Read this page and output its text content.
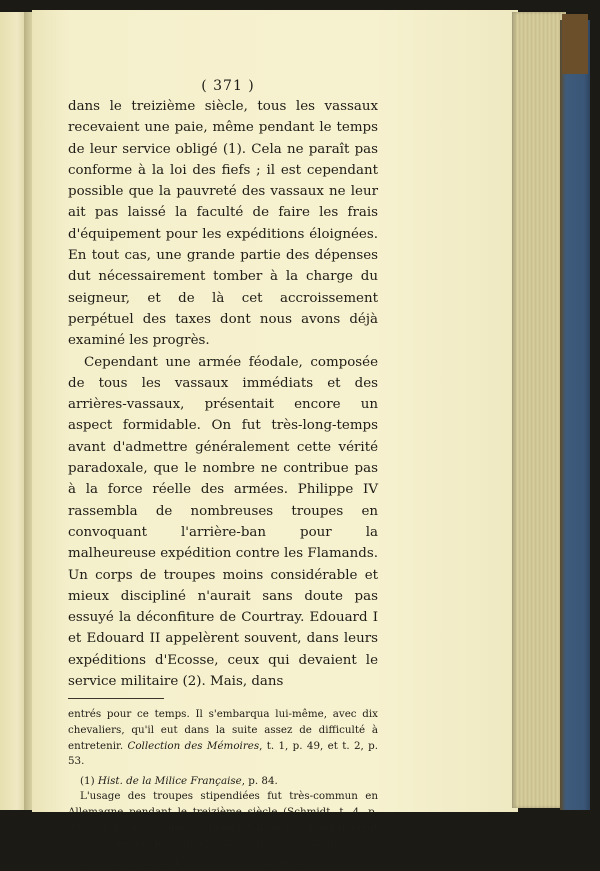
( 371 )

dans le treizième siècle, tous les vassaux recevaient une paie, même pendant le temps de leur service obligé (1). Cela ne paraît pas conforme à la loi des fiefs ; il est cependant possible que la pauvreté des vassaux ne leur ait pas laissé la faculté de faire les frais d'équipement pour les expéditions éloignées. En tout cas, une grande partie des dépenses dut nécessairement tomber à la charge du seigneur, et de là cet accroissement perpétuel des taxes dont nous avons déjà examiné les progrès.

Cependant une armée féodale, composée de tous les vassaux immédiats et des arrières-vassaux, présentait encore un aspect formidable. On fut très-long-temps avant d'admettre généralement cette vérité paradoxale, que le nombre ne contribue pas à la force réelle des armées. Philippe IV rassembla de nombreuses troupes en convoquant l'arrière-ban pour la malheureuse expédition contre les Flamands. Un corps de troupes moins considérable et mieux discipliné n'aurait sans doute pas essuyé la déconfiture de Courtray. Edouard I et Edouard II appelèrent souvent, dans leurs expéditions d'Ecosse, ceux qui devaient le service militaire (2). Mais, dans

entrés pour ce temps. Il s'embarqua lui-même, avec dix chevaliers, qu'il eut dans la suite assez de difficulté à entretenir. Collection des Mémoires, t. 1, p. 49, et t. 2, p. 53.

(1) Hist. de la Milice Française, p. 84.

L'usage des troupes stipendiées fut très-commun en Allemagne pendant le treizième siècle (Schmidt, t. 4, p. 89), ainsi qu'en Italie : cependant il ne fut généralement adopté que vers le commencement du siècle suivant.

(2) Rymer, t. 2, p. 173, 189, 199, et alibi sæpius.
